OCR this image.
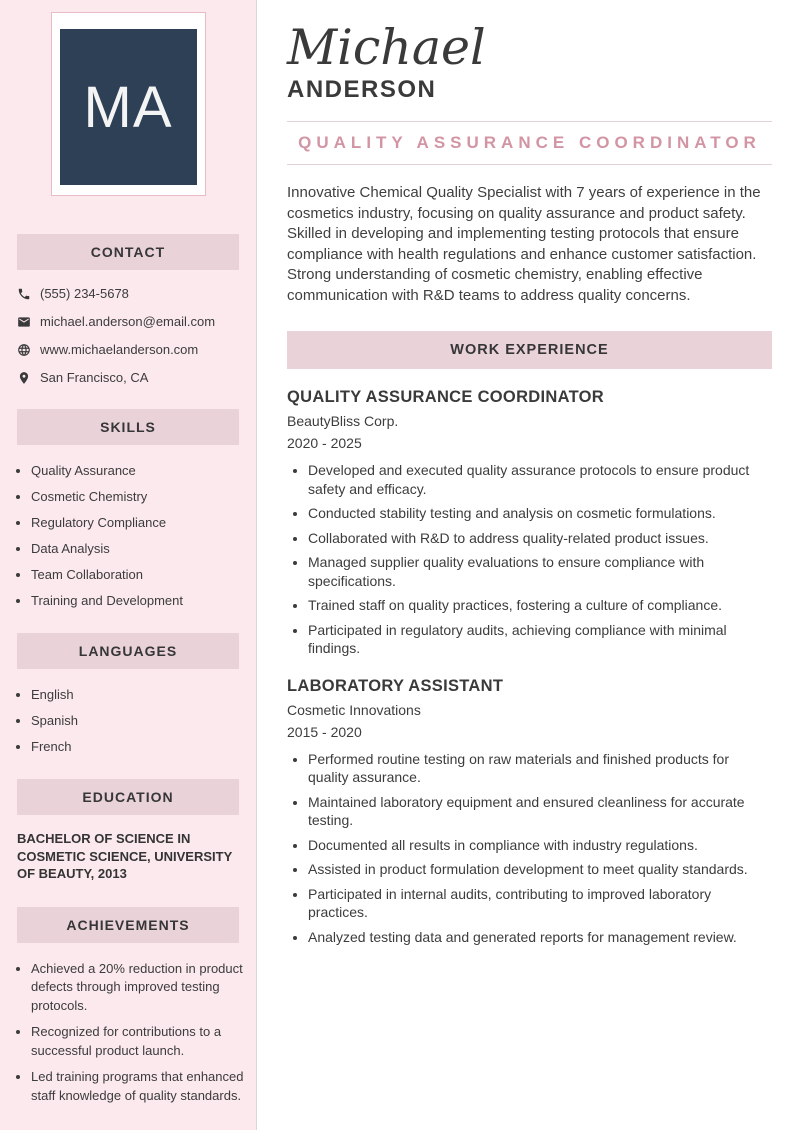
MA
CONTACT
(555) 234-5678
michael.anderson@email.com
www.michaelanderson.com
San Francisco, CA
SKILLS
• Quality Assurance
• Cosmetic Chemistry
• Regulatory Compliance
• Data Analysis
• Team Collaboration
• Training and Development
LANGUAGES
• English
• Spanish
• French
EDUCATION

BACHELOR OF SCIENCE IN COSMETIC SCIENCE, UNIVERSITY OF BEAUTY, 2013

ACHIEVEMENTS
• Achieved a 20% reduction in product defects through improved testing protocols.
• Recognized for contributions to a successful product launch.
• Led training programs that enhanced staff knowledge of quality standards.
Michael
ANDERSON
QUALITY ASSURANCE COORDINATOR

Innovative Chemical Quality Specialist with 7 years of experience in the cosmetics industry, focusing on quality assurance and product safety. Skilled in developing and implementing testing protocols that ensure compliance with health regulations and enhance customer satisfaction. Strong understanding of cosmetic chemistry, enabling effective communication with R&D teams to address quality concerns.

WORK EXPERIENCE
QUALITY ASSURANCE COORDINATOR
BeautyBliss Corp.
2020 - 2025
• Developed and executed quality assurance protocols to ensure product safety and efficacy.
• Conducted stability testing and analysis on cosmetic formulations.
• Collaborated with R&D to address quality-related product issues.
• Managed supplier quality evaluations to ensure compliance with specifications.
• Trained staff on quality practices, fostering a culture of compliance.
• Participated in regulatory audits, achieving compliance with minimal findings.
LABORATORY ASSISTANT
Cosmetic Innovations
2015 - 2020
• Performed routine testing on raw materials and finished products for quality assurance.
• Maintained laboratory equipment and ensured cleanliness for accurate testing.
• Documented all results in compliance with industry regulations.
• Assisted in product formulation development to meet quality standards.
• Participated in internal audits, contributing to improved laboratory practices.
• Analyzed testing data and generated reports for management review.
